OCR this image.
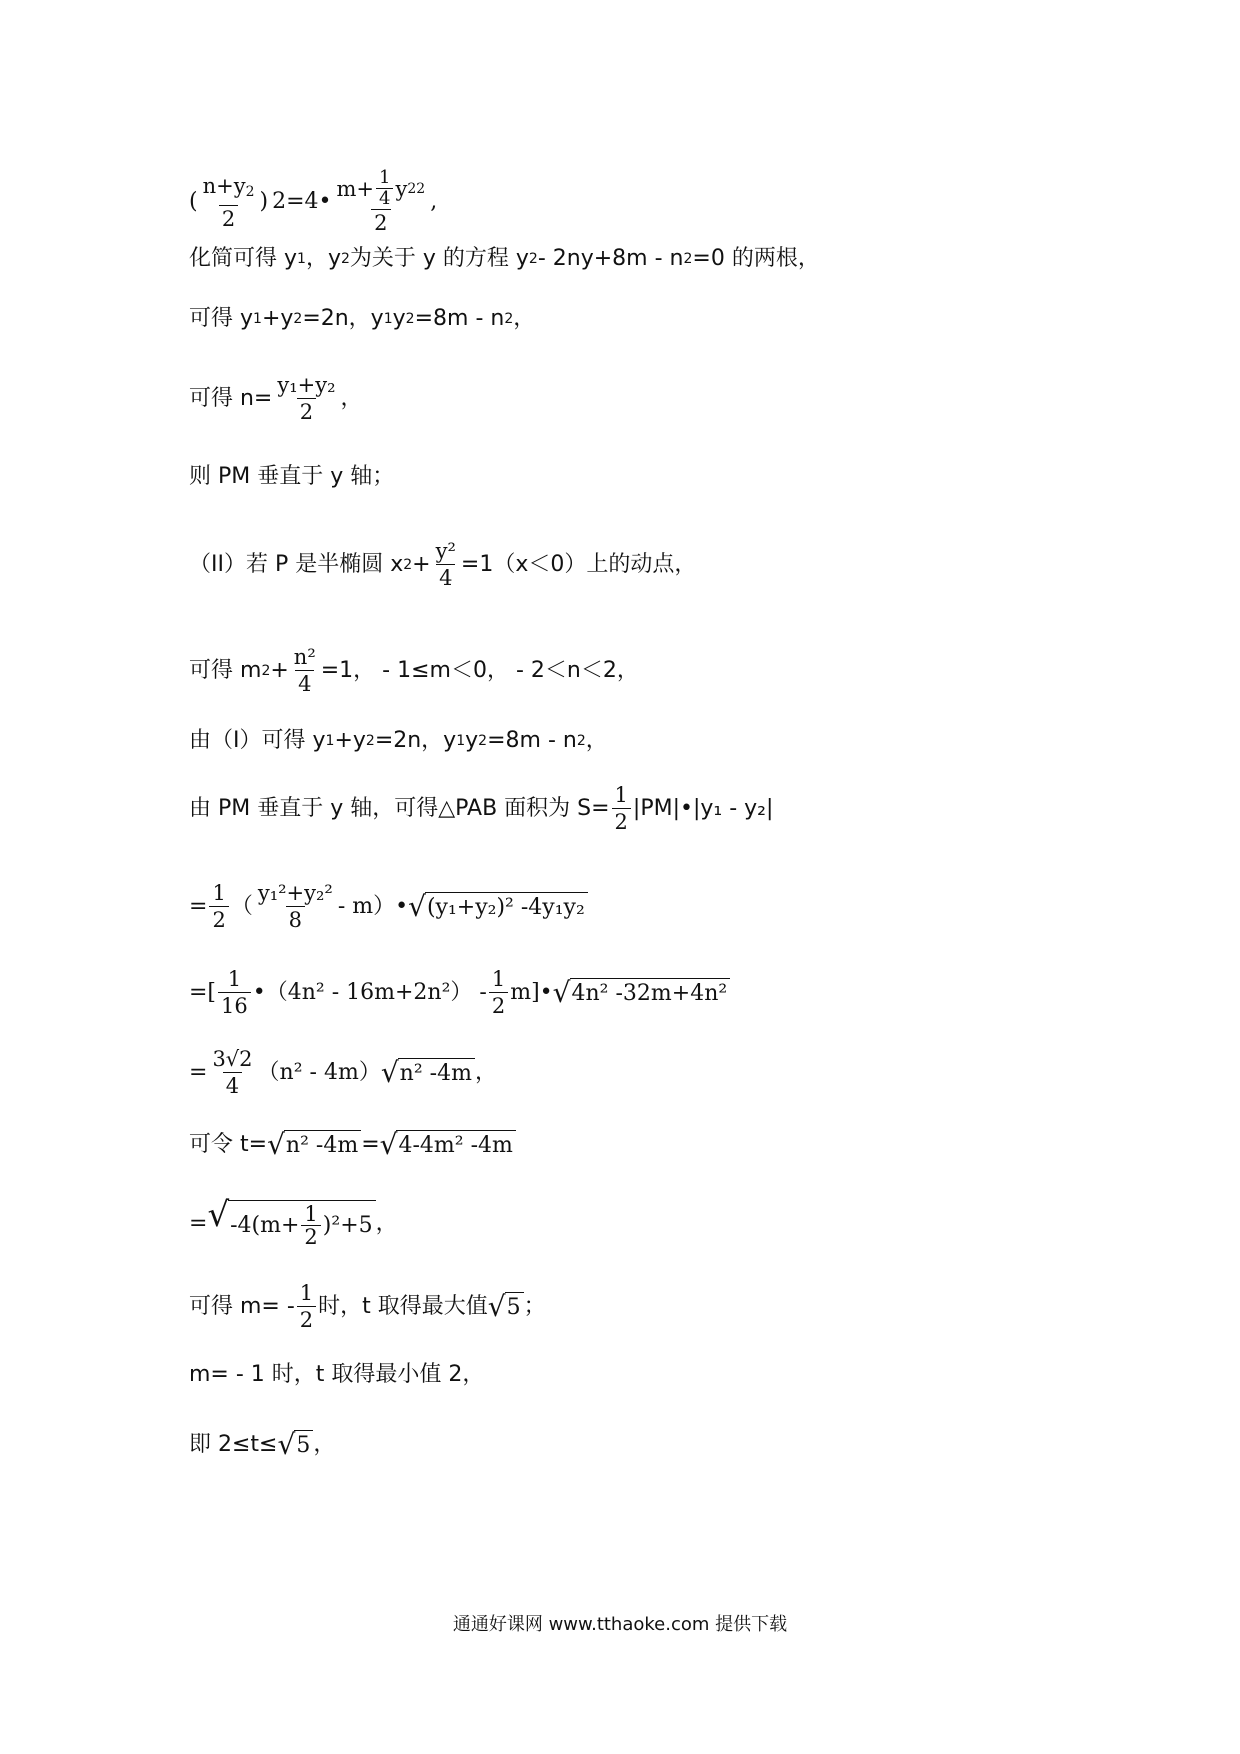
( $\frac{n+y_2}{2}$ ) 2=4• $\frac{m+ \frac{1}{4} y 2 2}{2}$ ,
化简可得 y 1 ，y 2 为关于 y 的方程 y 2 - 2ny+8m - n 2 =0 的两根，
可得 y 1 +y 2 =2n，y 1 y 2 =8m - n 2 ，
可得 $n= \frac{\text{y₁+y₂}}{2}$ ，
则 PM 垂直于 y 轴；
（II）若 P 是半椭圆 x $2 + \frac{\text{y²}}{4} =1(x<0)$上的动点，
可得 m $2 + \frac{\text{n²}}{4} =1$， - 1≤m＜0， - 2＜n＜2，
由（I）可得 y 1 +y 2 =2n，y 1 y 2 =8m - n 2 ，
由 PM 垂直于 y 轴，可得△PAB 面积为 $S= \frac{1}{2}$ |PM|•|y₁ - y₂|
= $\frac{1}{2}$ （ $\frac{\text{y₁²+y₂²}}{8}$ - m）• √ (y₁+y₂)² -4y₁y₂
=[ $\frac{1}{16}$ •（4n² - $16m+2n^2) - \frac{1}{2}$ m]• √ 4n² -32m+4n²
= $\frac{3√2}{4} (n^2 - 4m)$ √ n² -4m ，
可令 t= √ n² -4m = √ 4-4m² -4m
= √ $-4(m+ \frac{1}{2} )^2+5$ ，
可得 $m= - \frac{1}{2}$ 时，t 取得最大值 √ 5 ；
m= - 1 时，t 取得最小值 2，
即 2≤t≤ √ 5 ，
通通好课网 www.tthaoke.com 提供下载
